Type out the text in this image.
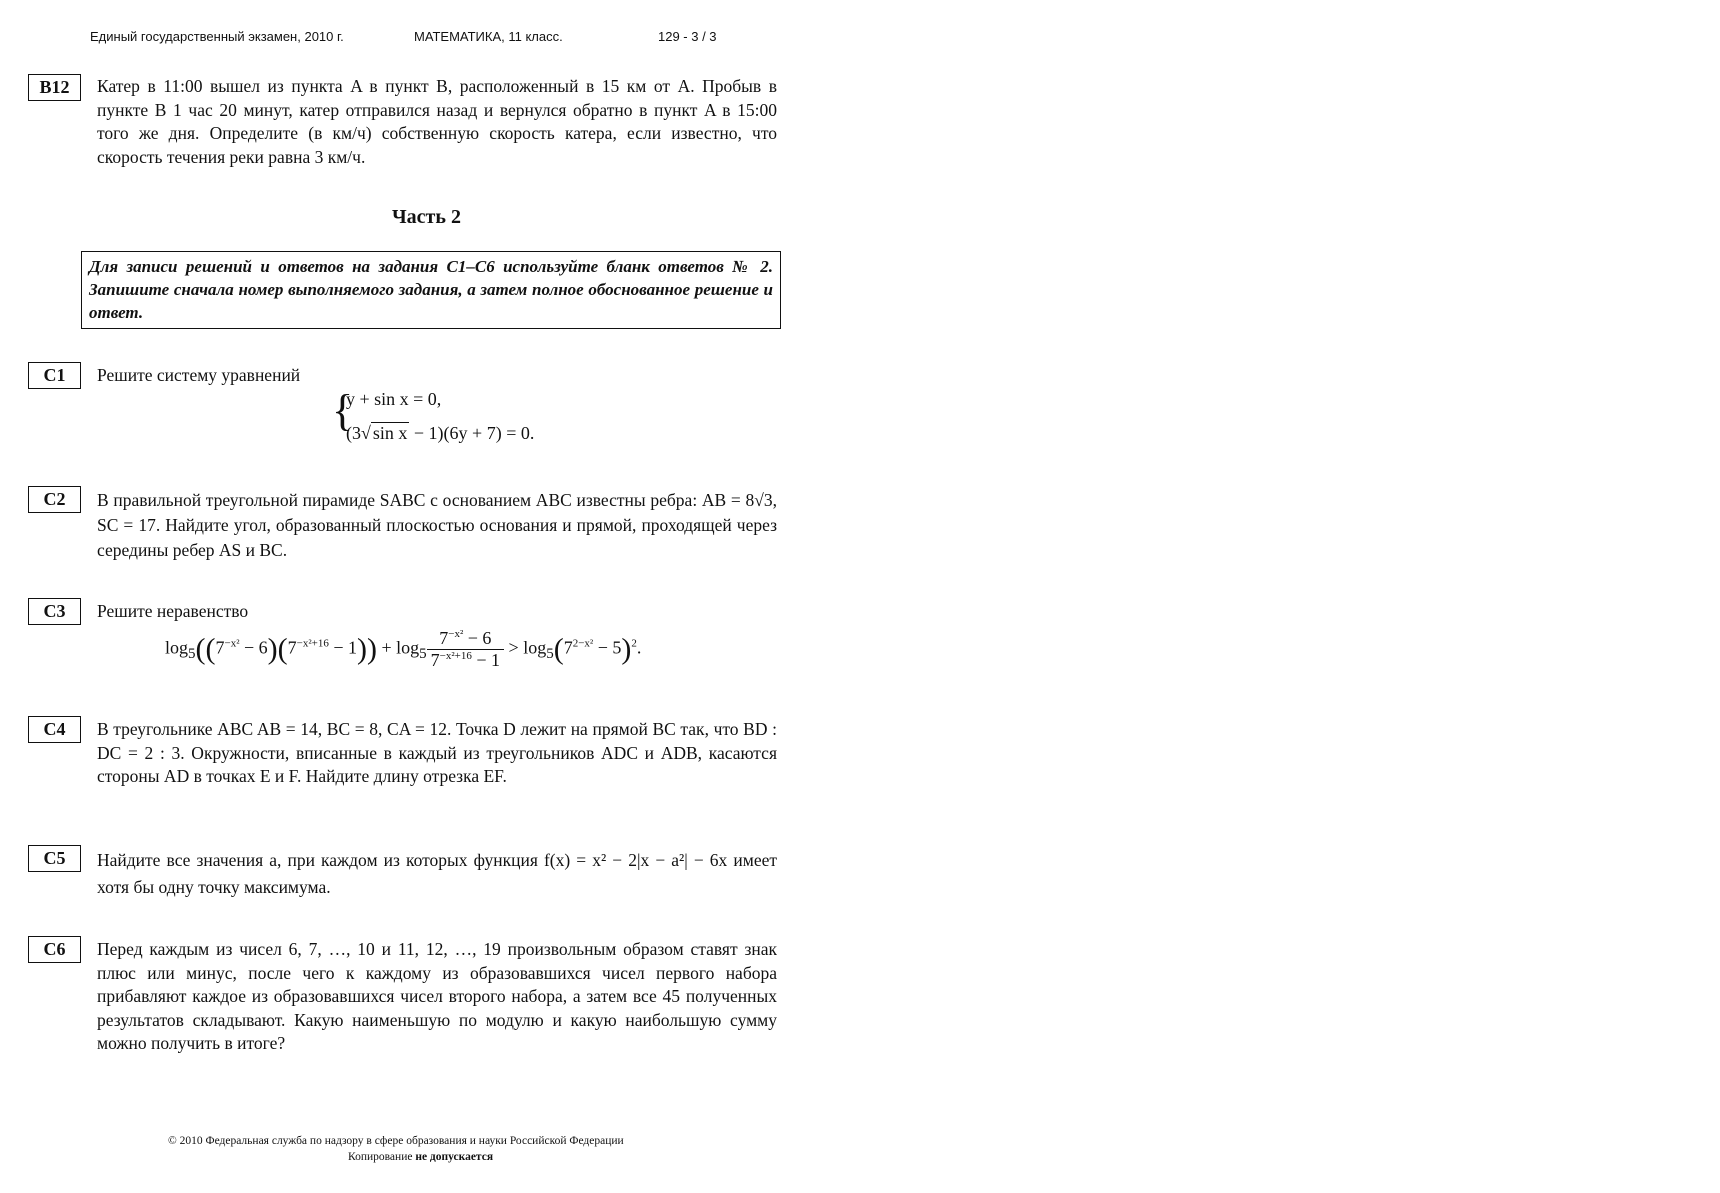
Единый государственный экзамен, 2010 г.	МАТЕМАТИКА, 11 класс.	129 - 3 / 3
B12	Катер в 11:00 вышел из пункта A в пункт B, расположенный в 15 км от A. Пробыв в пункте B 1 час 20 минут, катер отправился назад и вернулся обратно в пункт A в 15:00 того же дня. Определите (в км/ч) собственную скорость катера, если известно, что скорость течения реки равна 3 км/ч.
Часть 2
Для записи решений и ответов на задания C1–C6 используйте бланк ответов № 2. Запишите сначала номер выполняемого задания, а затем полное обоснованное решение и ответ.
C1	Решите систему уравнений
{
y + sin x = 0,
(3√ sin x − 1)(6y + 7) = 0.
C2	В правильной треугольной пирамиде SABC с основанием ABC известны ребра: AB = 8√3, SC = 17. Найдите угол, образованный плоскостью основания и прямой, проходящей через середины ребер AS и BC.
C3	Решите неравенство
$\log_5((7^{-x^2} - 6)(7^{-x^2+16} - 1)) + \log_5 \frac{7^{-x^2} - 6}{7^{-x^2+16} - 1} > \log_5(7^{2-x^2} - 5)^2$.
C4	В треугольнике ABC AB = 14, BC = 8, CA = 12. Точка D лежит на прямой BC так, что BD : DC = 2 : 3. Окружности, вписанные в каждый из треугольников ADC и ADB, касаются стороны AD в точках E и F. Найдите длину отрезка EF.
C5	Найдите все значения a, при каждом из которых функция f(x) = x² − 2|x − a²| − 6x имеет хотя бы одну точку максимума.
C6	Перед каждым из чисел 6, 7, …, 10 и 11, 12, …, 19 произвольным образом ставят знак плюс или минус, после чего к каждому из образовавшихся чисел первого набора прибавляют каждое из образовавшихся чисел второго набора, а затем все 45 полученных результатов складывают. Какую наименьшую по модулю и какую наибольшую сумму можно получить в итоге?
© 2010 Федеральная служба по надзору в сфере образования и науки Российской Федерации
Копирование не допускается
